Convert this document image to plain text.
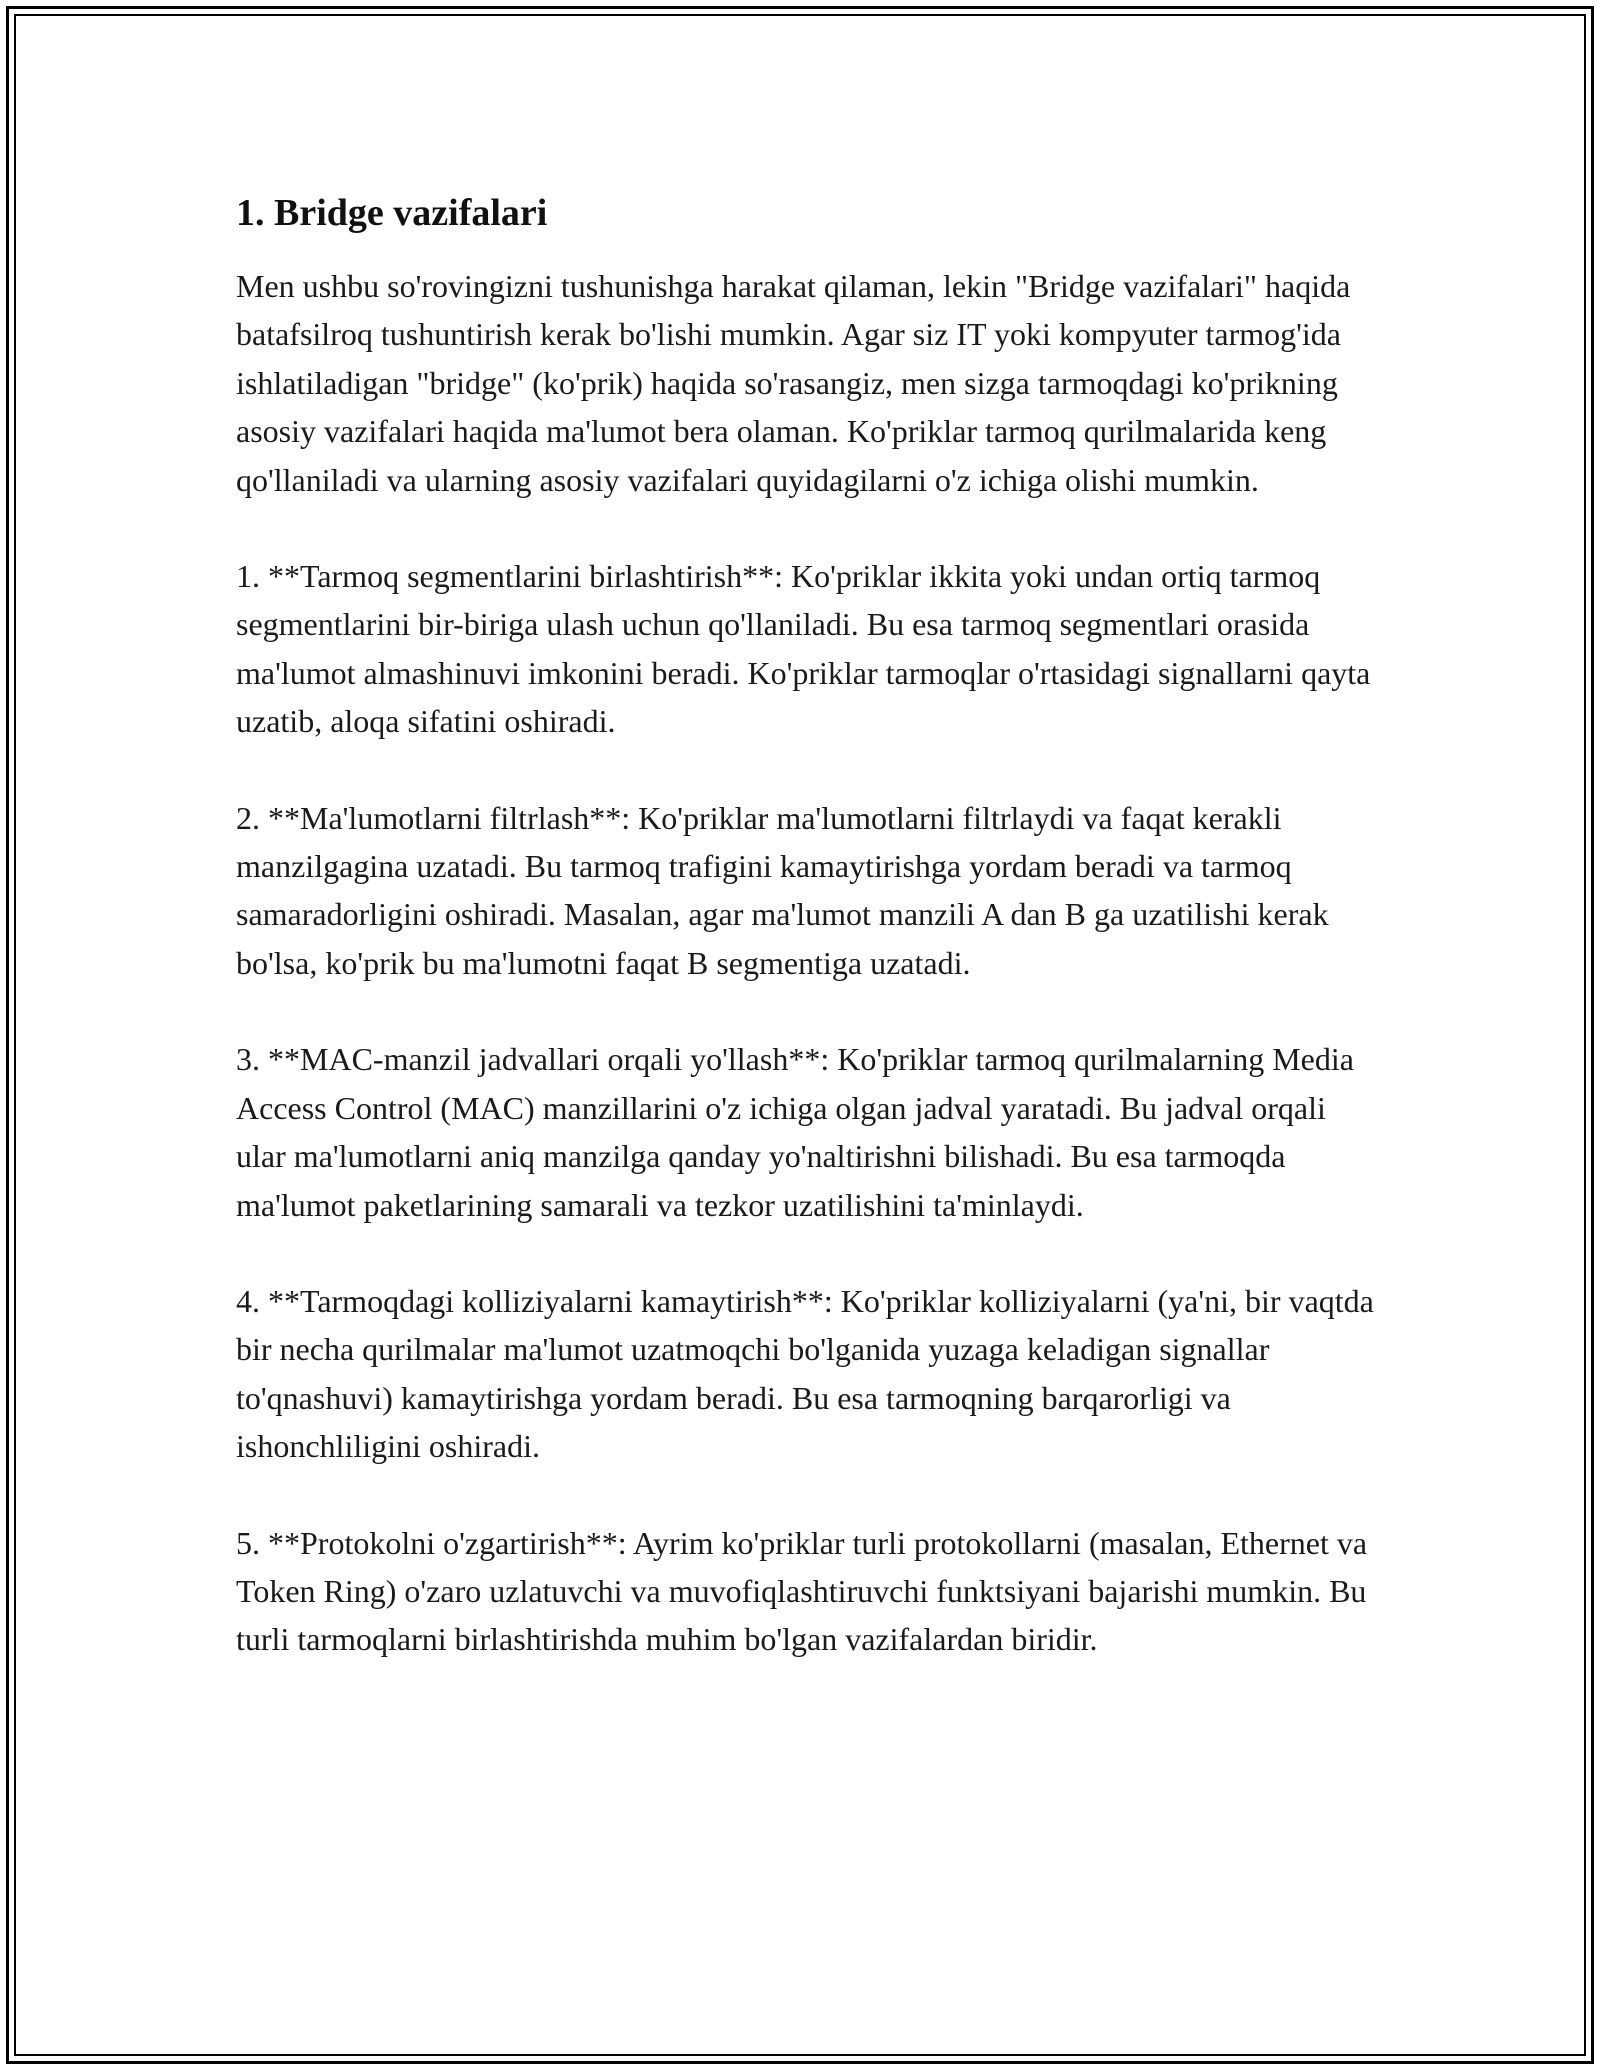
1. Bridge vazifalari

Men ushbu so'rovingizni tushunishga harakat qilaman, lekin "Bridge vazifalari" haqida batafsilroq tushuntirish kerak bo'lishi mumkin. Agar siz IT yoki kompyuter tarmog'ida ishlatiladigan "bridge" (ko'prik) haqida so'rasangiz, men sizga tarmoqdagi ko'prikning asosiy vazifalari haqida ma'lumot bera olaman. Ko'priklar tarmoq qurilmalarida keng qo'llaniladi va ularning asosiy vazifalari quyidagilarni o'z ichiga olishi mumkin.

1. **Tarmoq segmentlarini birlashtirish**: Ko'priklar ikkita yoki undan ortiq tarmoq segmentlarini bir-biriga ulash uchun qo'llaniladi. Bu esa tarmoq segmentlari orasida ma'lumot almashinuvi imkonini beradi. Ko'priklar tarmoqlar o'rtasidagi signallarni qayta uzatib, aloqa sifatini oshiradi.

2. **Ma'lumotlarni filtrlash**: Ko'priklar ma'lumotlarni filtrlaydi va faqat kerakli manzilgagina uzatadi. Bu tarmoq trafigini kamaytirishga yordam beradi va tarmoq samaradorligini oshiradi. Masalan, agar ma'lumot manzili A dan B ga uzatilishi kerak bo'lsa, ko'prik bu ma'lumotni faqat B segmentiga uzatadi.

3. **MAC-manzil jadvallari orqali yo'llash**: Ko'priklar tarmoq qurilmalarning Media Access Control (MAC) manzillarini o'z ichiga olgan jadval yaratadi. Bu jadval orqali ular ma'lumotlarni aniq manzilga qanday yo'naltirishni bilishadi. Bu esa tarmoqda ma'lumot paketlarining samarali va tezkor uzatilishini ta'minlaydi.

4. **Tarmoqdagi kolliziyalarni kamaytirish**: Ko'priklar kolliziyalarni (ya'ni, bir vaqtda bir necha qurilmalar ma'lumot uzatmoqchi bo'lganida yuzaga keladigan signallar to'qnashuvi) kamaytirishga yordam beradi. Bu esa tarmoqning barqarorligi va ishonchliligini oshiradi.

5. **Protokolni o'zgartirish**: Ayrim ko'priklar turli protokollarni (masalan, Ethernet va Token Ring) o'zaro uzlatuvchi va muvofiqlashtiruvchi funktsiyani bajarishi mumkin. Bu turli tarmoqlarni birlashtirishda muhim bo'lgan vazifalardan biridir.
